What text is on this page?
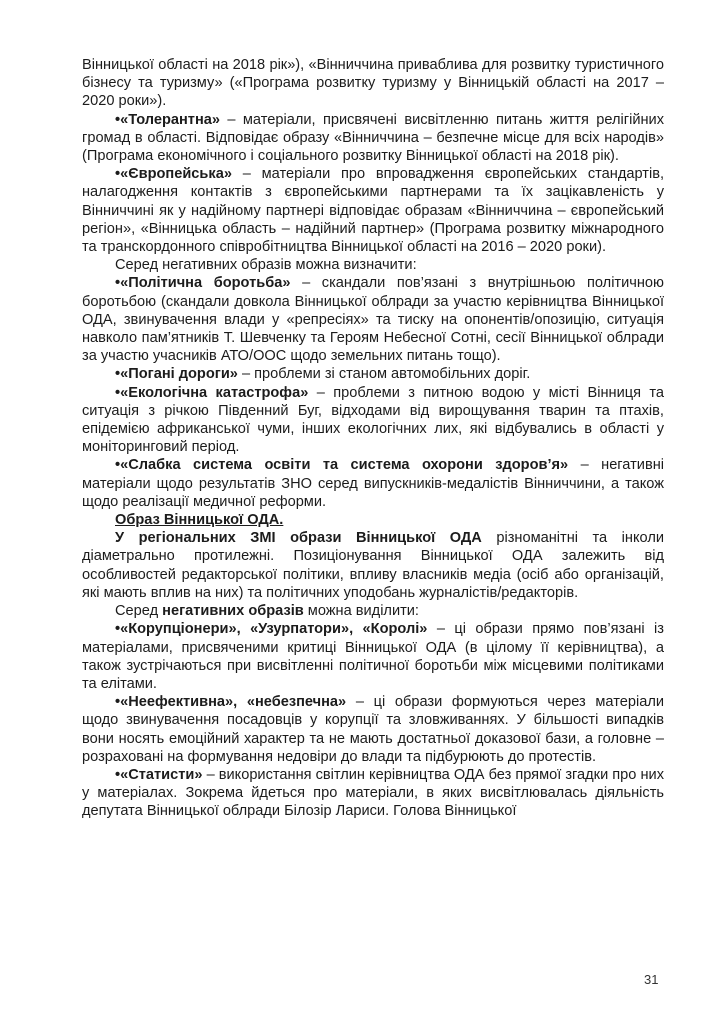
Вінницької області на 2018 рік»), «Вінниччина приваблива для розвитку туристичного бізнесу та туризму» («Програма розвитку туризму у Вінницькій області на 2017 – 2020 роки»).

•«Толерантна» – матеріали, присвячені висвітленню питань життя релігійних громад в області. Відповідає образу «Вінниччина – безпечне місце для всіх народів» (Програма економічного і соціального розвитку Вінницької області на 2018 рік).

•«Європейська» – матеріали про впровадження європейських стандартів, налагодження контактів з європейськими партнерами та їх зацікавленість у Вінниччині як у надійному партнері відповідає образам «Вінниччина – європейський регіон», «Вінницька область – надійний партнер» (Програма розвитку міжнародного та транскордонного співробітництва Вінницької області на 2016 – 2020 роки).

Серед негативних образів можна визначити:

•«Політична боротьба» – скандали пов’язані з внутрішньою політичною боротьбою (скандали довкола Вінницької облради за участю керівництва Вінницької ОДА, звинувачення влади у «репресіях» та тиску на опонентів/опозицію, ситуація навколо пам’ятників Т. Шевченку та Героям Небесної Сотні, сесії Вінницької облради за участю учасників АТО/ООС щодо земельних питань тощо).

•«Погані дороги» – проблеми зі станом автомобільних доріг.

•«Екологічна катастрофа» – проблеми з питною водою у місті Вінниця та ситуація з річкою Південний Буг, відходами від вирощування тварин та птахів, епідемією африканської чуми, інших екологічних лих, які відбувались в області у моніторинговий період.

•«Слабка система освіти та система охорони здоров’я» – негативні матеріали щодо результатів ЗНО серед випускників-медалістів Вінниччини, а також щодо реалізації медичної реформи.

Образ Вінницької ОДА.

У регіональних ЗМІ образи Вінницької ОДА різноманітні та інколи діаметрально протилежні. Позиціонування Вінницької ОДА залежить від особливостей редакторської політики, впливу власників медіа (осіб або організацій, які мають вплив на них) та політичних уподобань журналістів/редакторів.

Серед негативних образів можна виділити:

•«Корупціонери», «Узурпатори», «Королі» – ці образи прямо пов’язані із матеріалами, присвяченими критиці Вінницької ОДА (в цілому її керівництва), а також зустрічаються при висвітленні політичної боротьби між місцевими політиками та елітами.

•«Неефективна», «небезпечна» – ці образи формуються через матеріали щодо звинувачення посадовців у корупції та зловживаннях. У більшості випадків вони носять емоційний характер та не мають достатньої доказової бази, а головне – розраховані на формування недовіри до влади та підбурюють до протестів.

•«Статисти» – використання світлин керівництва ОДА без прямої згадки про них у матеріалах. Зокрема йдеться про матеріали, в яких висвітлювалась діяльність депутата Вінницької облради Білозір Лариси. Голова Вінницької

31
